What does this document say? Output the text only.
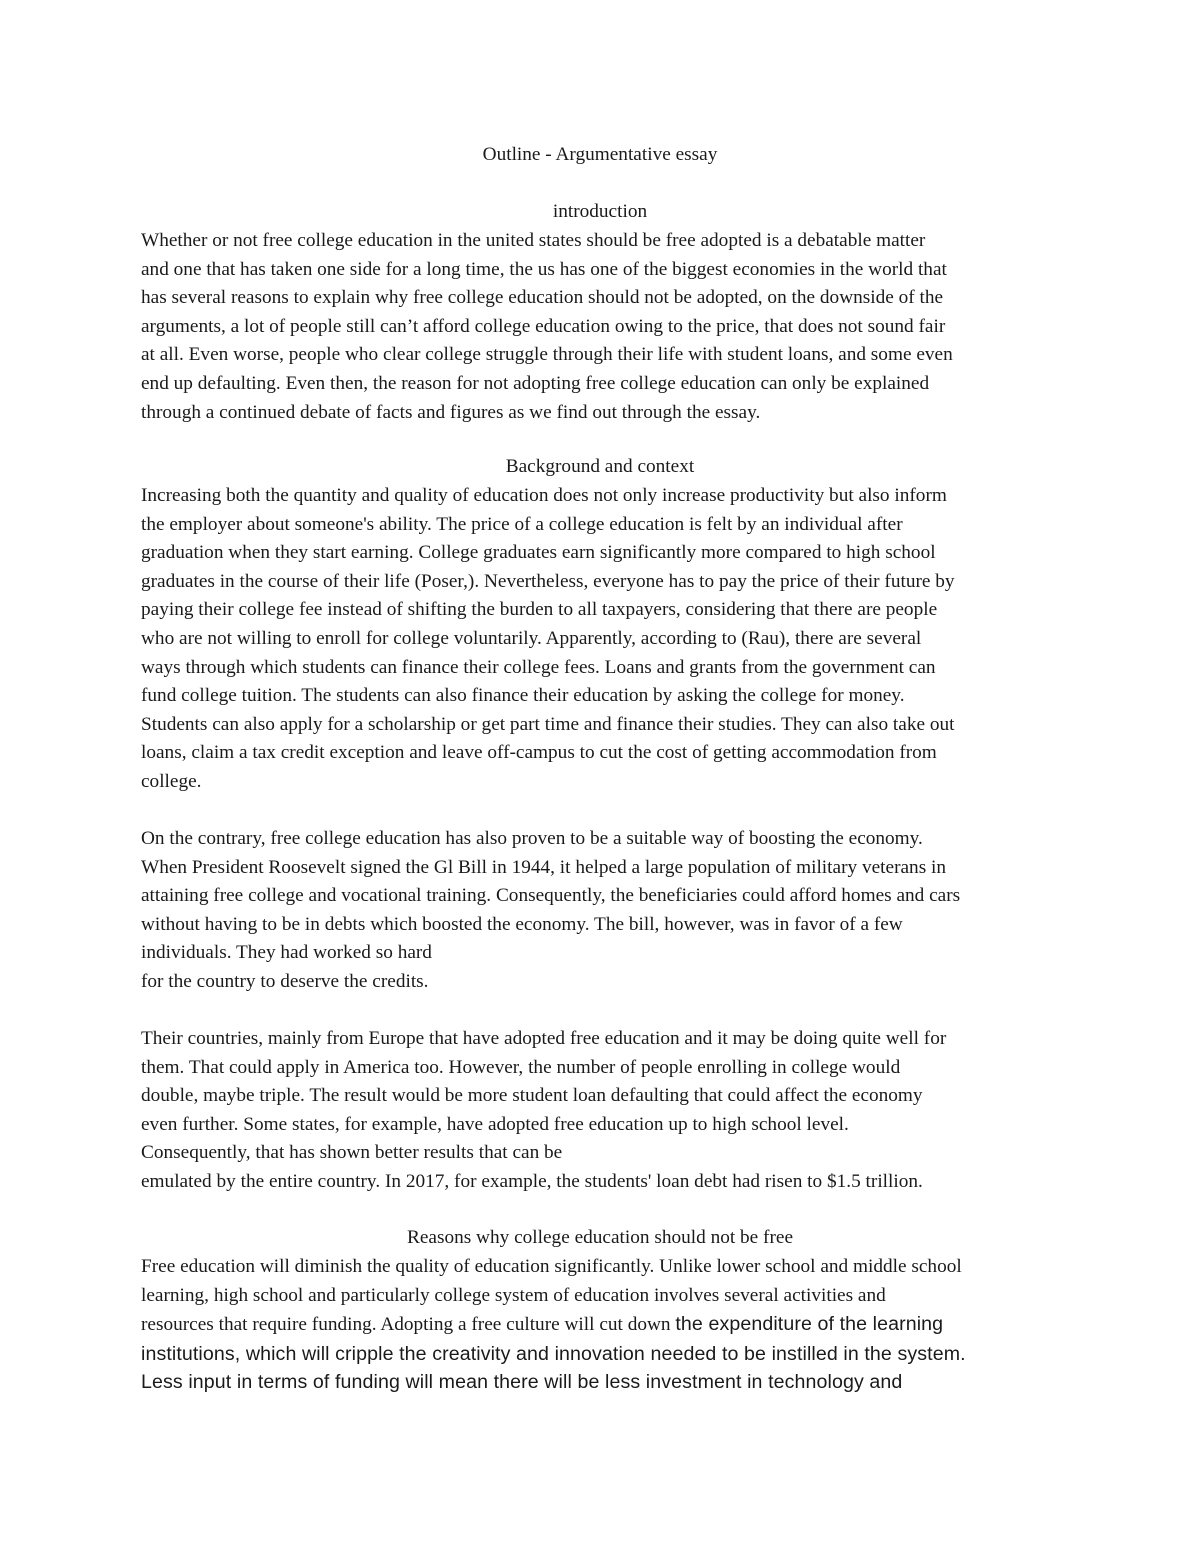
Outline - Argumentative essay
introduction
Whether or not free college education in the united states should be free adopted is a debatable matter
and one that has taken one side for a long time, the us has one of the biggest economies in the world that
has several reasons to explain why free college education should not be adopted, on the downside of the
arguments, a lot of people still can’t afford college education owing to the price, that does not sound fair
at all. Even worse, people who clear college struggle through their life with student loans, and some even
end up defaulting. Even then, the reason for not adopting free college education can only be explained
through a continued debate of facts and figures as we find out through the essay.
Background and context
Increasing both the quantity and quality of education does not only increase productivity but also inform
the employer about someone's ability. The price of a college education is felt by an individual after
graduation when they start earning. College graduates earn significantly more compared to high school
graduates in the course of their life (Poser,). Nevertheless, everyone has to pay the price of their future by
paying their college fee instead of shifting the burden to all taxpayers, considering that there are people
who are not willing to enroll for college voluntarily. Apparently, according to (Rau), there are several
ways through which students can finance their college fees. Loans and grants from the government can
fund college tuition. The students can also finance their education by asking the college for money.
Students can also apply for a scholarship or get part time and finance their studies. They can also take out
loans, claim a tax credit exception and leave off-campus to cut the cost of getting accommodation from
college.
On the contrary, free college education has also proven to be a suitable way of boosting the economy.
When President Roosevelt signed the Gl Bill in 1944, it helped a large population of military veterans in
attaining free college and vocational training. Consequently, the beneficiaries could afford homes and cars
without having to be in debts which boosted the economy. The bill, however, was in favor of a few
individuals. They had worked so hard
for the country to deserve the credits.
Their countries, mainly from Europe that have adopted free education and it may be doing quite well for
them. That could apply in America too. However, the number of people enrolling in college would
double, maybe triple. The result would be more student loan defaulting that could affect the economy
even further. Some states, for example, have adopted free education up to high school level.
Consequently, that has shown better results that can be
emulated by the entire country. In 2017, for example, the students' loan debt had risen to $1.5 trillion.
Reasons why college education should not be free
Free education will diminish the quality of education significantly. Unlike lower school and middle school
learning, high school and particularly college system of education involves several activities and
resources that require funding. Adopting a free culture will cut down the expenditure of the learning
institutions, which will cripple the creativity and innovation needed to be instilled in the system.
Less input in terms of funding will mean there will be less investment in technology and
